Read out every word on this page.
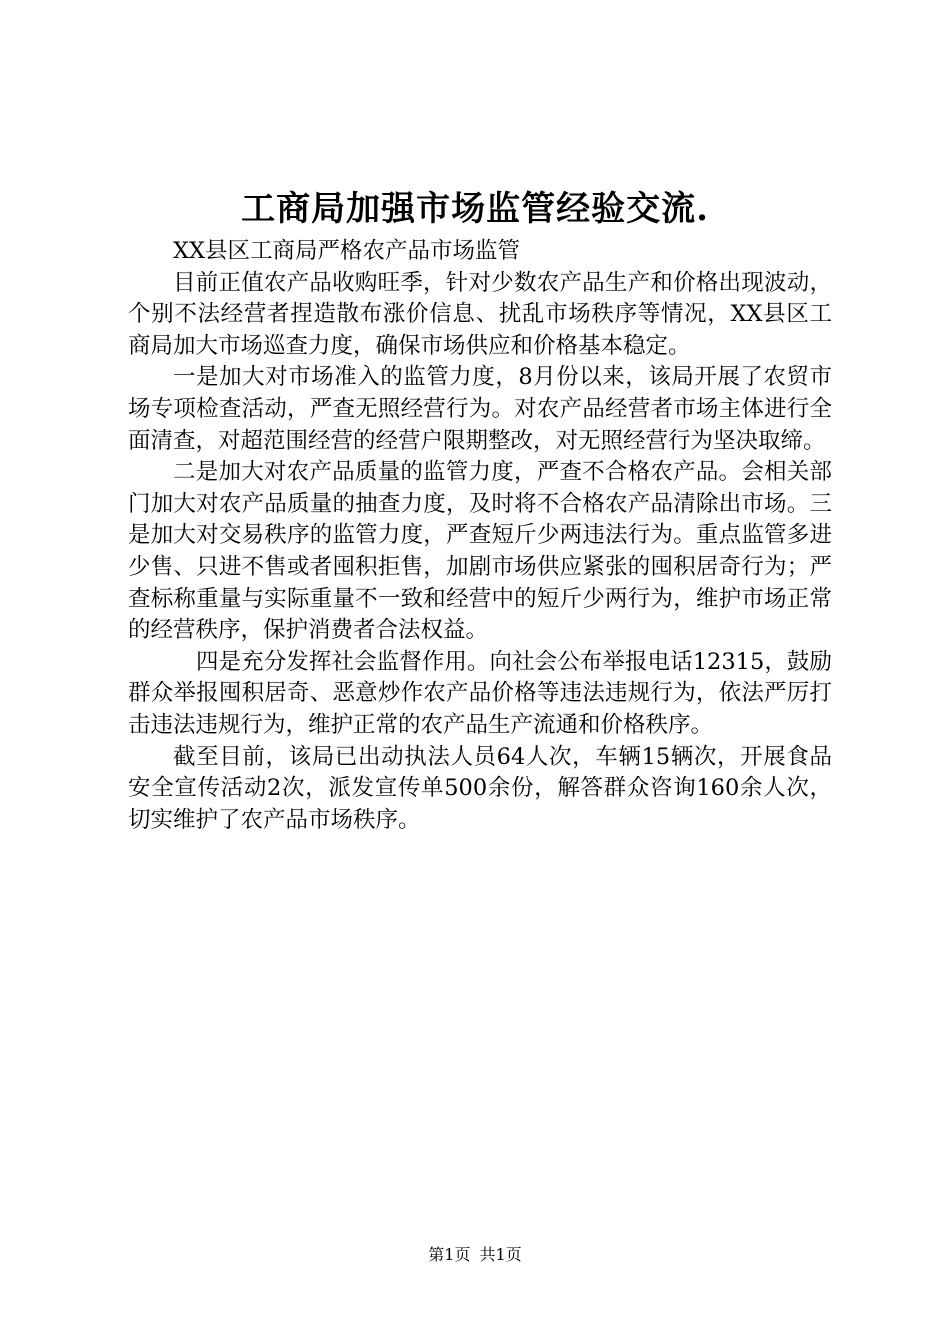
工商局加强市场监管经验交流.

XX县区工商局严格农产品市场监管

目前正值农产品收购旺季，针对少数农产品生产和价格出现波动，个别不法经营者捏造散布涨价信息、扰乱市场秩序等情况，XX县区工商局加大市场巡查力度，确保市场供应和价格基本稳定。

一是加大对市场准入的监管力度，8月份以来，该局开展了农贸市场专项检查活动，严查无照经营行为。对农产品经营者市场主体进行全面清查，对超范围经营的经营户限期整改，对无照经营行为坚决取缔。

二是加大对农产品质量的监管力度，严查不合格农产品。会相关部门加大对农产品质量的抽查力度，及时将不合格农产品清除出市场。三是加大对交易秩序的监管力度，严查短斤少两违法行为。重点监管多进少售、只进不售或者囤积拒售，加剧市场供应紧张的囤积居奇行为；严查标称重量与实际重量不一致和经营中的短斤少两行为，维护市场正常的经营秩序，保护消费者合法权益。

四是充分发挥社会监督作用。向社会公布举报电话12315，鼓励群众举报囤积居奇、恶意炒作农产品价格等违法违规行为，依法严厉打击违法违规行为，维护正常的农产品生产流通和价格秩序。

截至目前，该局已出动执法人员64人次，车辆15辆次，开展食品安全宣传活动2次，派发宣传单500余份，解答群众咨询160余人次，切实维护了农产品市场秩序。

第1页 共1页
